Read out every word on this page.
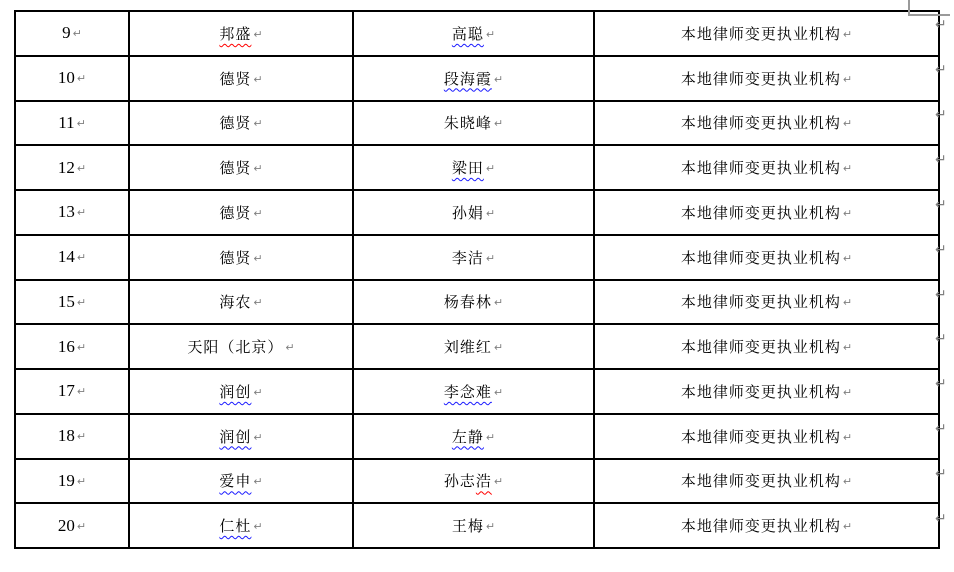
9 ↵	邦盛 ↵	高聪 ↵	本地律师变更执业机构 ↵
10 ↵	德贤 ↵	段海霞 ↵	本地律师变更执业机构 ↵
11 ↵	德贤 ↵	朱晓峰 ↵	本地律师变更执业机构 ↵
12 ↵	德贤 ↵	梁田 ↵	本地律师变更执业机构 ↵
13 ↵	德贤 ↵	孙娟 ↵	本地律师变更执业机构 ↵
14 ↵	德贤 ↵	李洁 ↵	本地律师变更执业机构 ↵
15 ↵	海农 ↵	杨春林 ↵	本地律师变更执业机构 ↵
16 ↵	天阳（北京） ↵	刘维红 ↵	本地律师变更执业机构 ↵
17 ↵	润创 ↵	李念难 ↵	本地律师变更执业机构 ↵
18 ↵	润创 ↵	左静 ↵	本地律师变更执业机构 ↵
19 ↵	爱申 ↵	孙志浩 ↵	本地律师变更执业机构 ↵
20 ↵	仁杜 ↵	王梅 ↵	本地律师变更执业机构 ↵
↵
↵
↵
↵
↵
↵
↵
↵
↵
↵
↵
↵
